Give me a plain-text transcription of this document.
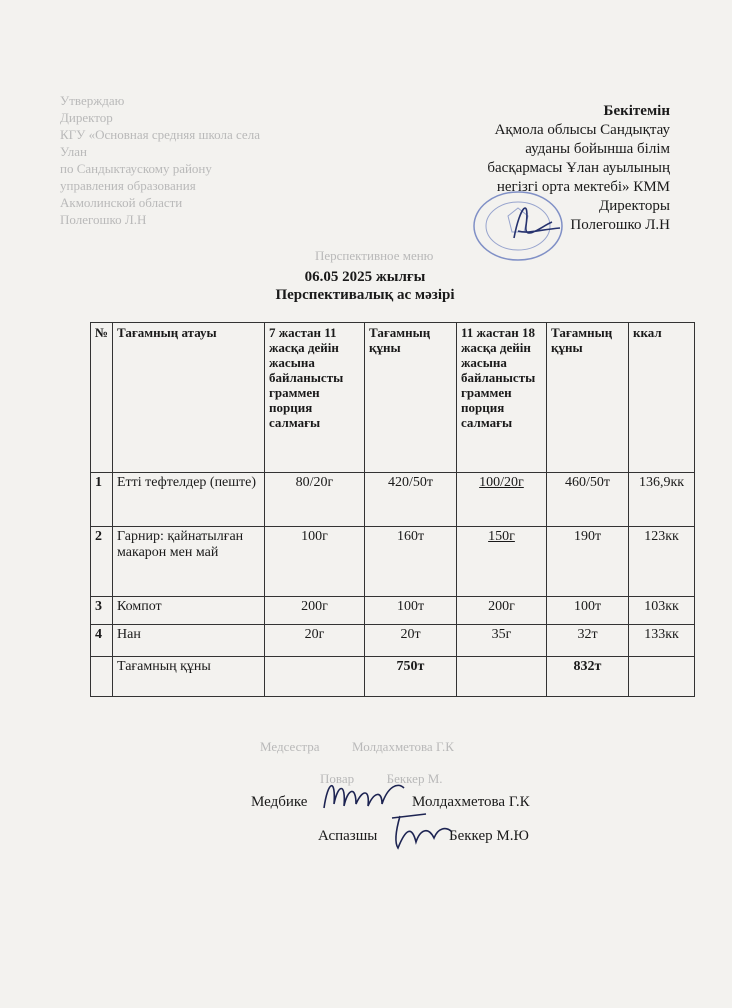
Утверждаю
Директор
КГУ «Основная средняя школа села
Улан
по Сандыктаускому району
управления образования
Акмолинской области
Полегошко Л.Н
Перспективное меню
Медсестра	Молдахметова Г.К
Повар	Беккер М.
Бекітемін
Ақмола облысы Сандықтау
ауданы бойынша білім
басқармасы Ұлан ауылының
негізгі орта мектебі» КММ
Директоры
Полегошко Л.Н
06.05 2025 жылғы
Перспективалық ас мәзірі
№	Тағамның атауы	7 жастан 11 жасқа дейін жасына байланысты граммен порция салмағы	Тағамның құны	11 жастан 18 жасқа дейін жасына байланысты граммен порция салмағы	Тағамның құны	ккал
1	Етті тефтелдер (пеште)	80/20г	420/50т	100/20г	460/50т	136,9кк
2	Гарнир: қайнатылған макарон мен май	100г	160т	150г	190т	123кк
3	Компот	200г	100т	200г	100т	103кк
4	Нан	20г	20т	35г	32т	133кк
	Тағамның құны		750т		832т	
Медбике	Молдахметова Г.К
Аспазшы	Беккер М.Ю
